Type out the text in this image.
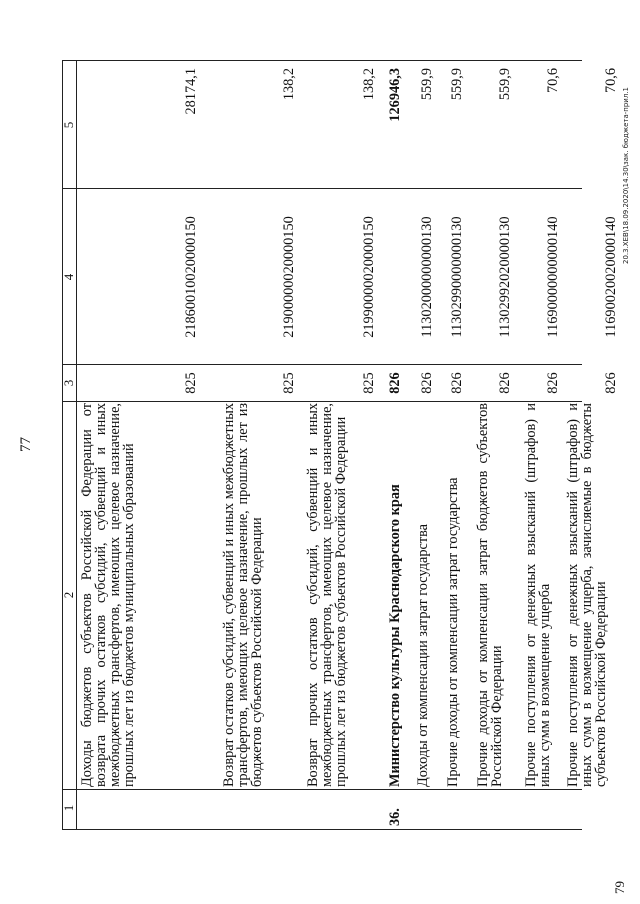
77
1
2
3
4
5
Доходы бюджетов субъектов Российской Федерации от возврата прочих остатков субсидий, субвенций и иных межбюджетных трансфертов, имеющих целевое назначение, прошлых лет из бюджетов муниципальных образований
825
21860010020000150
28174,1
Возврат остатков субсидий, субвенций и иных межбюджетных трансфертов, имеющих целевое назначение, прошлых лет из бюджетов субъектов Российской Федерации
825
21900000020000150
138,2
Возврат прочих остатков субсидий, субвенций и иных межбюджетных трансфертов, имеющих целевое назначение, прошлых лет из бюджетов субъектов Российской Федерации
825
21990000020000150
138,2
36.
Министерство культуры Краснодарского края
826
126946,3
Доходы от компенсации затрат государства
826
11302000000000130
559,9
Прочие доходы от компенсации затрат государства
826
11302990000000130
559,9
Прочие доходы от компенсации затрат бюджетов субъектов Российской Федерации
826
11302992020000130
559,9
Прочие поступления от денежных взысканий (штрафов) и иных сумм в возмещение ущерба
826
11690000000000140
70,6
Прочие поступления от денежных взысканий (штрафов) и иных сумм в возмещение ущерба, зачисляемые в бюджеты субъектов Российской Федерации
826
11690020020000140
70,6
79
20.3.XEB\18.09.2020\14.30\зак. бюджета-прил.1
